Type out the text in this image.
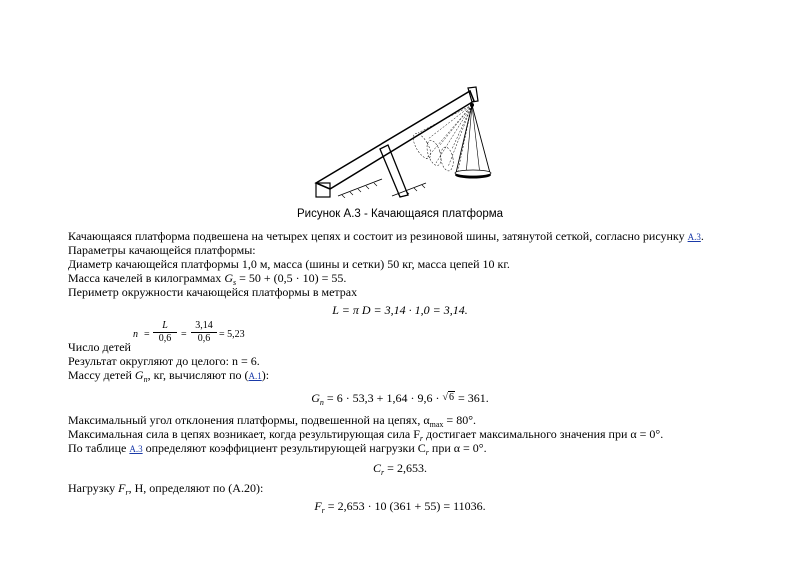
Рисунок А.3 - Качающаяся платформа
Качающаяся платформа подвешена на четырех цепях и состоит из резиновой шины, затянутой сеткой, согласно рисунку А.3.
Параметры качающейся платформы:
Диаметр качающейся платформы 1,0 м, масса (шины и сетки) 50 кг, масса цепей 10 кг.
Масса качелей в килограммах $G_s = 50 + (0,5 \cdot 10) = 55$.
Периметр окружности качающейся платформы в метрах
L = π D = 3,14 · 1,0 = 3,14.
$n = \frac{L}{0,6} = \frac{3,14}{0,6} = 5,23$
Число детей
Результат округляют до целого: n = 6.
Массу детей $G_n$, кг, вычисляют по (А.1):
$G_n = 6 \cdot 53,3 + 1,64 \cdot 9,6 \cdot √6 = 361$.
Максимальный угол отклонения платформы, подвешенной на цепях, $\alpha_{max} = 80^\circ$.
Максимальная сила в цепях возникает, когда результирующая сила $F_r$ достигает максимального значения при α = 0°.
По таблице А.3 определяют коэффициент результирующей нагрузки $C_r$ при α = 0°.
$C_r = 2,653$.
Нагрузку $F_r$, Н, определяют по (А.20):
$F_r = 2,653 \cdot 10$ (361 + 55) = 11036.
